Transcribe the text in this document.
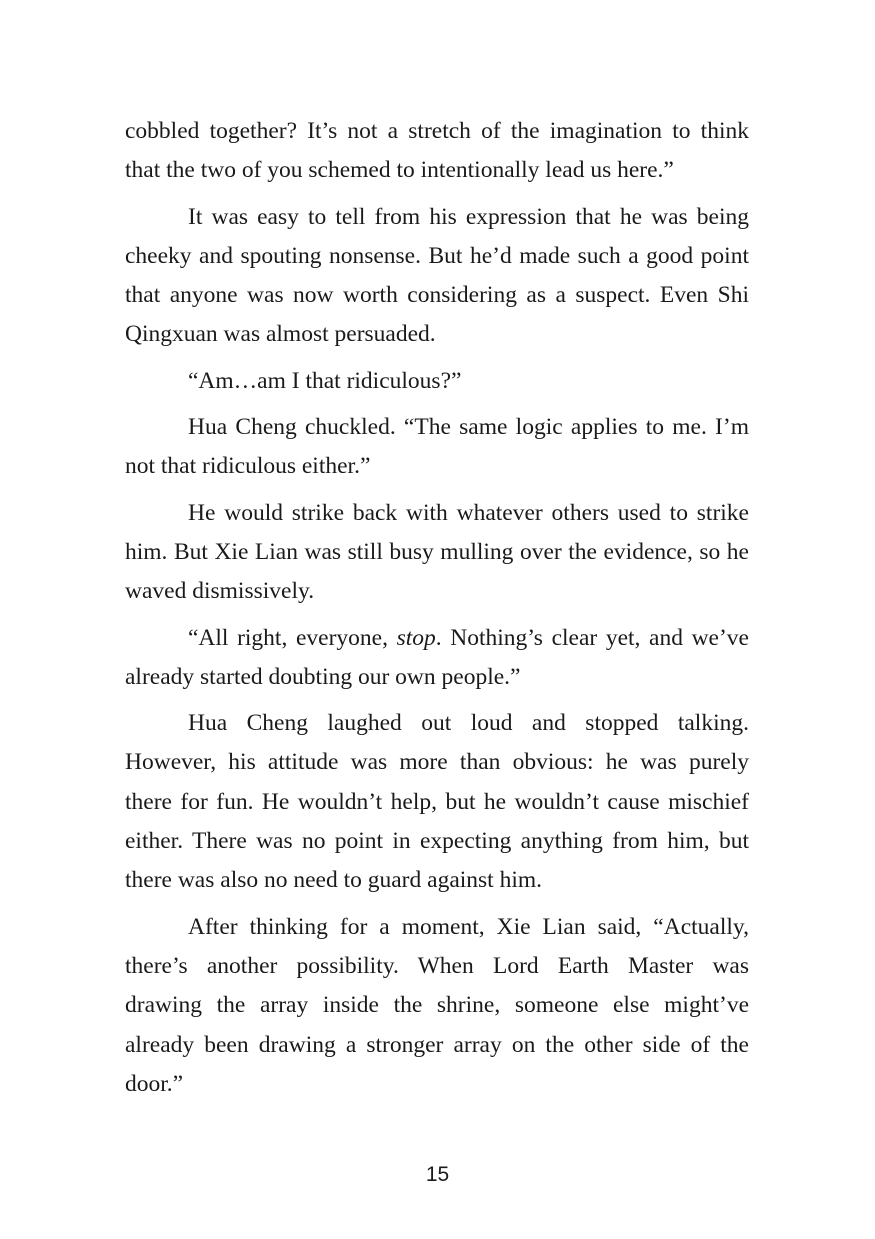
cobbled together? It’s not a stretch of the imagination to think
that the two of you schemed to intentionally lead us here.”
It was easy to tell from his expression that he was being
cheeky and spouting nonsense. But he’d made such a good point
that anyone was now worth considering as a suspect. Even Shi
Qingxuan was almost persuaded.
“Am…am I that ridiculous?”
Hua Cheng chuckled. “The same logic applies to me. I’m
not that ridiculous either.”
He would strike back with whatever others used to strike
him. But Xie Lian was still busy mulling over the evidence, so he
waved dismissively.
“All right, everyone, stop. Nothing’s clear yet, and we’ve
already started doubting our own people.”
Hua Cheng laughed out loud and stopped talking.
However, his attitude was more than obvious: he was purely
there for fun. He wouldn’t help, but he wouldn’t cause mischief
either. There was no point in expecting anything from him, but
there was also no need to guard against him.
After thinking for a moment, Xie Lian said, “Actually,
there’s another possibility. When Lord Earth Master was
drawing the array inside the shrine, someone else might’ve
already been drawing a stronger array on the other side of the
door.”
15
